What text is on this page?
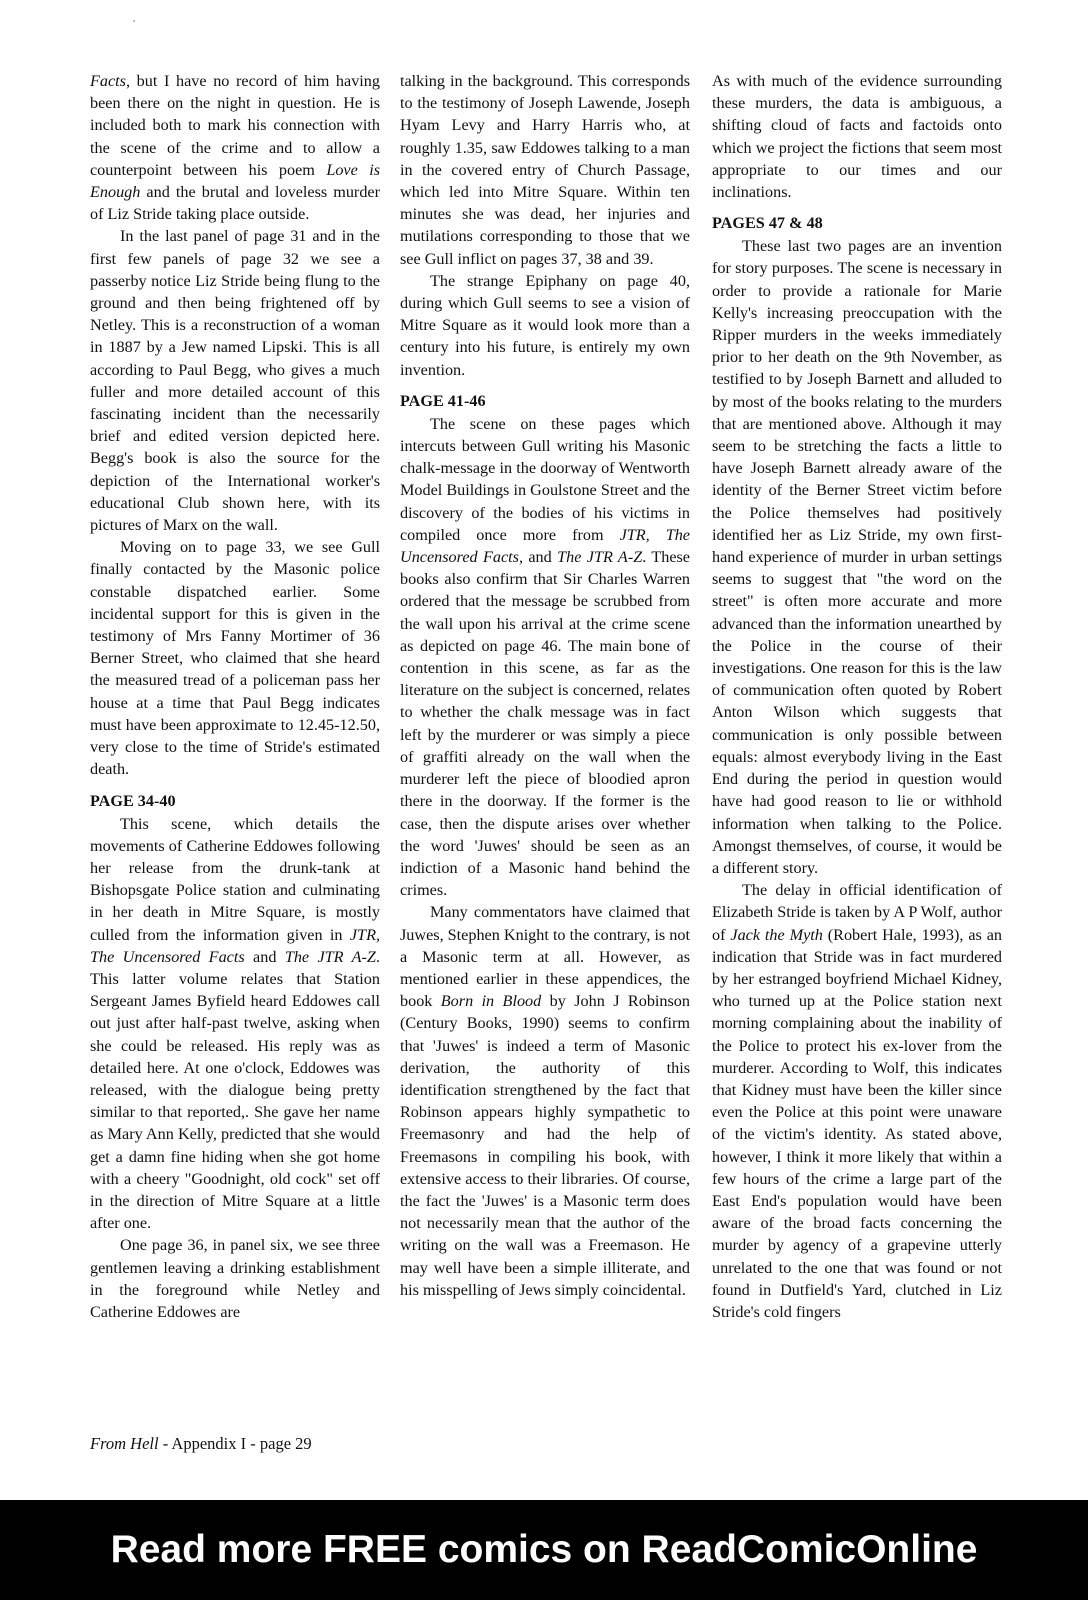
Facts, but I have no record of him having been there on the night in question. He is included both to mark his connection with the scene of the crime and to allow a counterpoint between his poem Love is Enough and the brutal and loveless murder of Liz Stride taking place outside.

In the last panel of page 31 and in the first few panels of page 32 we see a passerby notice Liz Stride being flung to the ground and then being frightened off by Netley. This is a reconstruction of a woman in 1887 by a Jew named Lipski. This is all according to Paul Begg, who gives a much fuller and more detailed account of this fascinating incident than the necessarily brief and edited version depicted here. Begg's book is also the source for the depiction of the International worker's educational Club shown here, with its pictures of Marx on the wall.

Moving on to page 33, we see Gull finally contacted by the Masonic police constable dispatched earlier. Some incidental support for this is given in the testimony of Mrs Fanny Mortimer of 36 Berner Street, who claimed that she heard the measured tread of a policeman pass her house at a time that Paul Begg indicates must have been approximate to 12.45-12.50, very close to the time of Stride's estimated death.

PAGE 34-40

This scene, which details the movements of Catherine Eddowes following her release from the drunk-tank at Bishopsgate Police station and culminating in her death in Mitre Square, is mostly culled from the information given in JTR, The Uncensored Facts and The JTR A-Z. This latter volume relates that Station Sergeant James Byfield heard Eddowes call out just after half-past twelve, asking when she could be released. His reply was as detailed here. At one o'clock, Eddowes was released, with the dialogue being pretty similar to that reported,. She gave her name as Mary Ann Kelly, predicted that she would get a damn fine hiding when she got home with a cheery "Goodnight, old cock" set off in the direction of Mitre Square at a little after one.

One page 36, in panel six, we see three gentlemen leaving a drinking establishment in the foreground while Netley and Catherine Eddowes are

talking in the background. This corresponds to the testimony of Joseph Lawende, Joseph Hyam Levy and Harry Harris who, at roughly 1.35, saw Eddowes talking to a man in the covered entry of Church Passage, which led into Mitre Square. Within ten minutes she was dead, her injuries and mutilations corresponding to those that we see Gull inflict on pages 37, 38 and 39.

The strange Epiphany on page 40, during which Gull seems to see a vision of Mitre Square as it would look more than a century into his future, is entirely my own invention.

PAGE 41-46

The scene on these pages which intercuts between Gull writing his Masonic chalk-message in the doorway of Wentworth Model Buildings in Goulstone Street and the discovery of the bodies of his victims in compiled once more from JTR, The Uncensored Facts, and The JTR A-Z. These books also confirm that Sir Charles Warren ordered that the message be scrubbed from the wall upon his arrival at the crime scene as depicted on page 46. The main bone of contention in this scene, as far as the literature on the subject is concerned, relates to whether the chalk message was in fact left by the murderer or was simply a piece of graffiti already on the wall when the murderer left the piece of bloodied apron there in the doorway. If the former is the case, then the dispute arises over whether the word 'Juwes' should be seen as an indiction of a Masonic hand behind the crimes.

Many commentators have claimed that Juwes, Stephen Knight to the contrary, is not a Masonic term at all. However, as mentioned earlier in these appendices, the book Born in Blood by John J Robinson (Century Books, 1990) seems to confirm that 'Juwes' is indeed a term of Masonic derivation, the authority of this identification strengthened by the fact that Robinson appears highly sympathetic to Freemasonry and had the help of Freemasons in compiling his book, with extensive access to their libraries. Of course, the fact the 'Juwes' is a Masonic term does not necessarily mean that the author of the writing on the wall was a Freemason. He may well have been a simple illiterate, and his misspelling of Jews simply coincidental.

As with much of the evidence surrounding these murders, the data is ambiguous, a shifting cloud of facts and factoids onto which we project the fictions that seem most appropriate to our times and our inclinations.

PAGES 47 & 48

These last two pages are an invention for story purposes. The scene is necessary in order to provide a rationale for Marie Kelly's increasing preoccupation with the Ripper murders in the weeks immediately prior to her death on the 9th November, as testified to by Joseph Barnett and alluded to by most of the books relating to the murders that are mentioned above. Although it may seem to be stretching the facts a little to have Joseph Barnett already aware of the identity of the Berner Street victim before the Police themselves had positively identified her as Liz Stride, my own first-hand experience of murder in urban settings seems to suggest that "the word on the street" is often more accurate and more advanced than the information unearthed by the Police in the course of their investigations. One reason for this is the law of communication often quoted by Robert Anton Wilson which suggests that communication is only possible between equals: almost everybody living in the East End during the period in question would have had good reason to lie or withhold information when talking to the Police. Amongst themselves, of course, it would be a different story.

The delay in official identification of Elizabeth Stride is taken by A P Wolf, author of Jack the Myth (Robert Hale, 1993), as an indication that Stride was in fact murdered by her estranged boyfriend Michael Kidney, who turned up at the Police station next morning complaining about the inability of the Police to protect his ex-lover from the murderer. According to Wolf, this indicates that Kidney must have been the killer since even the Police at this point were unaware of the victim's identity. As stated above, however, I think it more likely that within a few hours of the crime a large part of the East End's population would have been aware of the broad facts concerning the murder by agency of a grapevine utterly unrelated to the one that was found or not found in Dutfield's Yard, clutched in Liz Stride's cold fingers

From Hell - Appendix I - page 29
Read more FREE comics on ReadComicOnline
